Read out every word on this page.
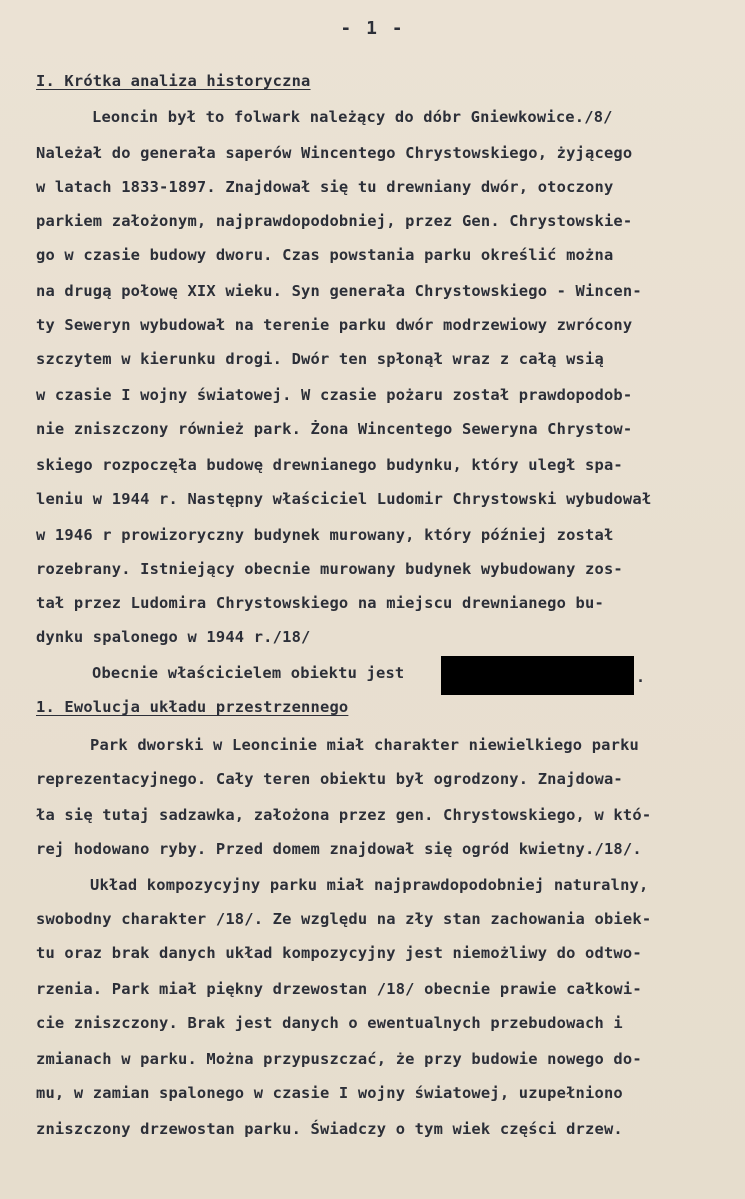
- 1 -
I. Krótka analiza historyczna
Leoncin był to folwark należący do dóbr Gniewkowice./8/
Należał do generała saperów Wincentego Chrystowskiego, żyjącego
w latach 1833-1897. Znajdował się tu drewniany dwór, otoczony
parkiem założonym, najprawdopodobniej, przez Gen. Chrystowskie-
go w czasie budowy dworu. Czas powstania parku określić można
na drugą połowę XIX wieku. Syn generała Chrystowskiego - Wincen-
ty Seweryn wybudował na terenie parku dwór modrzewiowy zwrócony
szczytem w kierunku drogi. Dwór ten spłonął wraz z całą wsią
w czasie I wojny światowej. W czasie pożaru został prawdopodob-
nie zniszczony również park. Żona Wincentego Seweryna Chrystow-
skiego rozpoczęła budowę drewnianego budynku, który uległ spa-
leniu w 1944 r. Następny właściciel Ludomir Chrystowski wybudował
w 1946 r prowizoryczny budynek murowany, który później został
rozebrany. Istniejący obecnie murowany budynek wybudowany zos-
tał przez Ludomira Chrystowskiego na miejscu drewnianego bu-
dynku spalonego w 1944 r./18/
Obecnie właścicielem obiektu jest	.
1. Ewolucja układu przestrzennego
Park dworski w Leoncinie miał charakter niewielkiego parku
reprezentacyjnego. Cały teren obiektu był ogrodzony. Znajdowa-
ła się tutaj sadzawka, założona przez gen. Chrystowskiego, w któ-
rej hodowano ryby. Przed domem znajdował się ogród kwietny./18/.
Układ kompozycyjny parku miał najprawdopodobniej naturalny,
swobodny charakter /18/. Ze względu na zły stan zachowania obiek-
tu oraz brak danych układ kompozycyjny jest niemożliwy do odtwo-
rzenia. Park miał piękny drzewostan /18/ obecnie prawie całkowi-
cie zniszczony. Brak jest danych o ewentualnych przebudowach i
zmianach w parku. Można przypuszczać, że przy budowie nowego do-
mu, w zamian spalonego w czasie I wojny światowej, uzupełniono
zniszczony drzewostan parku. Świadczy o tym wiek części drzew.
